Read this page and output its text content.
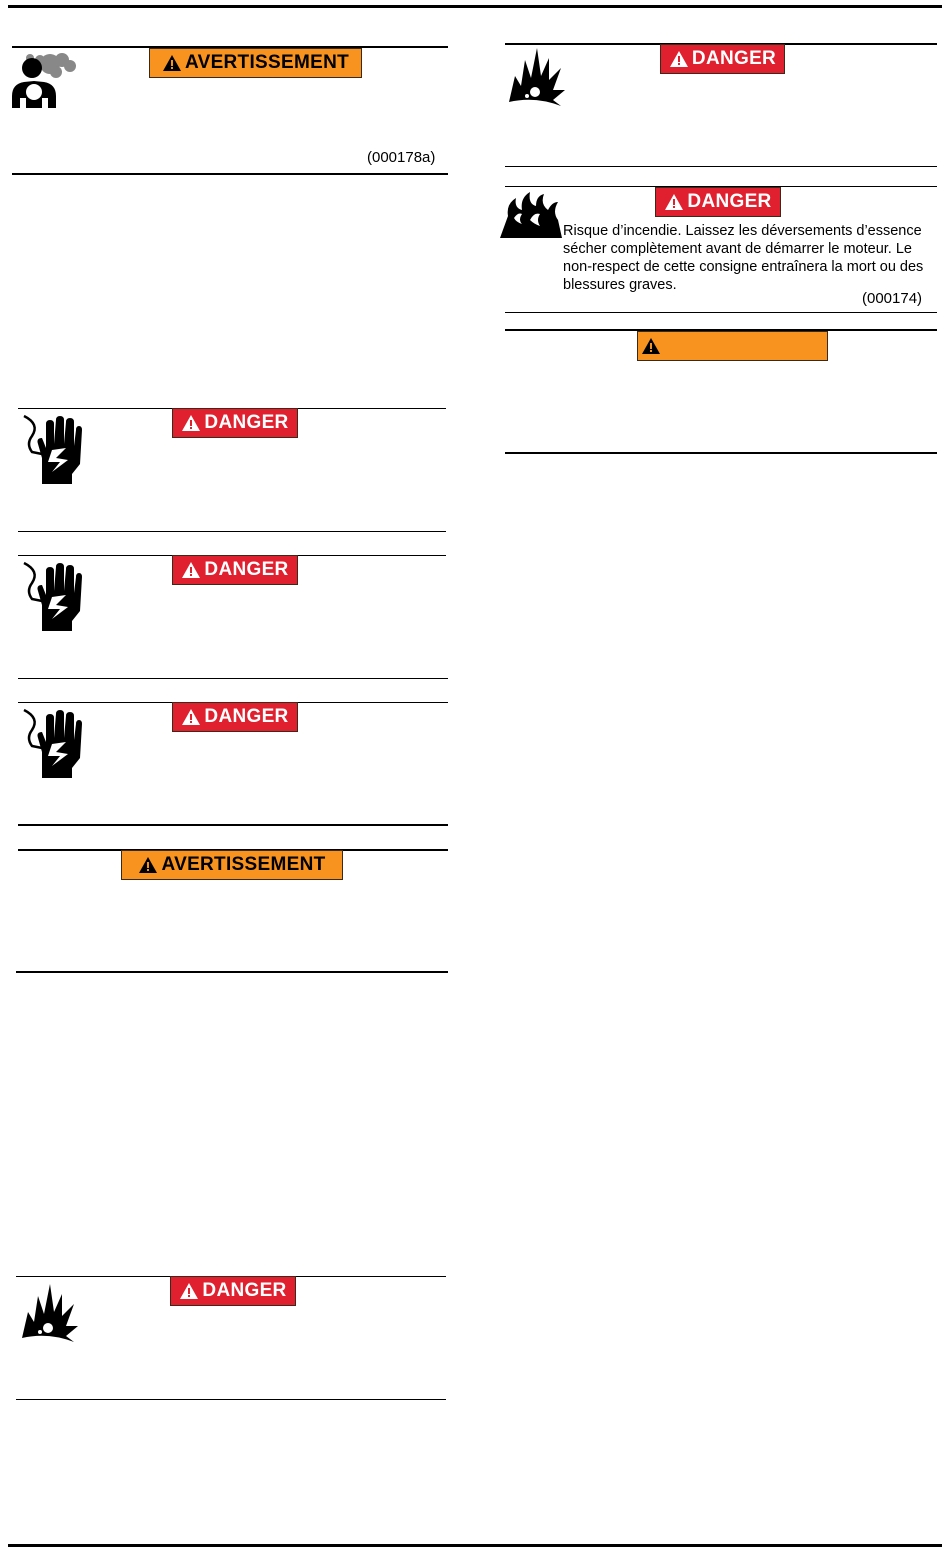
AVERTISSEMENT
(000178a)
DANGER
DANGER
DANGER
AVERTISSEMENT
DANGER
DANGER
DANGER
Risque d’incendie. Laissez les déversements d’essence sécher complètement avant de démarrer le moteur. Le non-respect de cette consigne entraînera la mort ou des blessures graves.
(000174)
